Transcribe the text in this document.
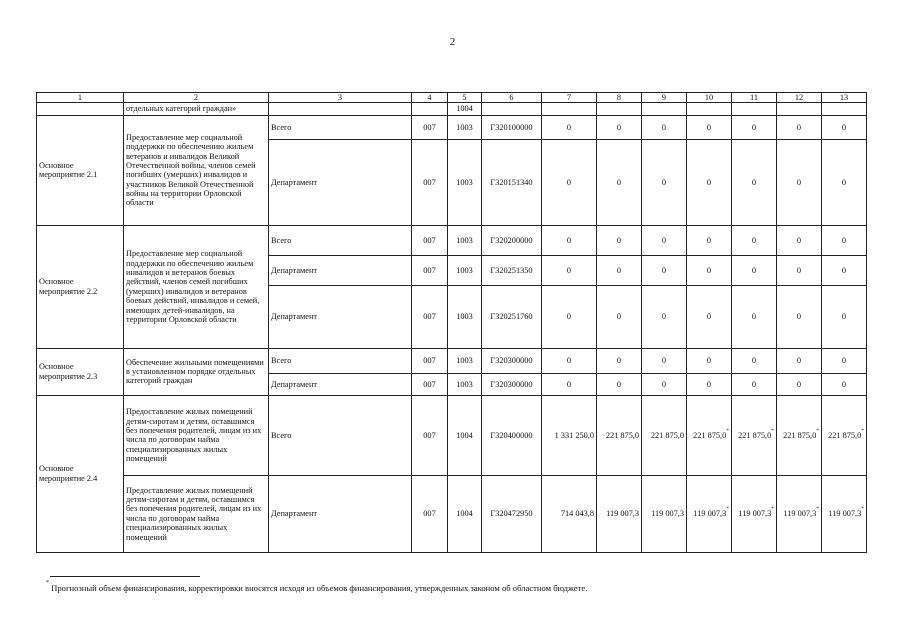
2
1	2	3	4	5	6	7	8	9	10	11	12	13
	отдельных категорий граждан»			1004								
Основное мероприятие 2.1	Предоставление мер социальной поддержки по обеспечению жильем ветеранов и инвалидов Великой Отечественной войны, членов семей погибших (умерших) инвалидов и участников Великой Отечественной войны на территории Орловской области	Всего	007	1003	Г320100000	0	0	0	0	0	0	0
		Департамент	007	1003	Г320151340	0	0	0	0	0	0	0
Основное мероприятие 2.2	Предоставление мер социальной поддержки по обеспечению жильем инвалидов и ветеранов боевых действий, членов семей погибших (умерших) инвалидов и ветеранов боевых действий, инвалидов и семей, имеющих детей-инвалидов, на территории Орловской области	Всего	007	1003	Г320200000	0	0	0	0	0	0	0
		Департамент	007	1003	Г320251350	0	0	0	0	0	0	0
		Департамент	007	1003	Г320251760	0	0	0	0	0	0	0
Основное мероприятие 2.3	Обеспечение жильными помещениями в установленном порядке отдельных категорий граждан	Всего	007	1003	Г320300000	0	0	0	0	0	0	0
		Департамент	007	1003	Г320300000	0	0	0	0	0	0	0
Основное мероприятие 2.4	Предоставление жилых помещений детям-сиротам и детям, оставшимся без попечения родителей, лицам из их числа по договорам найма специализированных жилых помещений	Всего	007	1004	Г320400000	1 331 250,0	221 875,0	221 875,0	221 875,0*	221 875,0*	221 875,0*	221 875,0*
	Предоставление жилых помещений детям-сиротам и детям, оставшимся без попечения родителей, лицам из их числа по договорам найма специализированных жилых помещений	Департамент	007	1004	Г320472950	714 043,8	119 007,3	119 007,3	119 007,3*	119 007,3*	119 007,3*	119 007,3*
* Прогнозный объем финансирования, корректировки вносятся исходя из объемов финансирования, утвержденных законом об областном бюджете.
